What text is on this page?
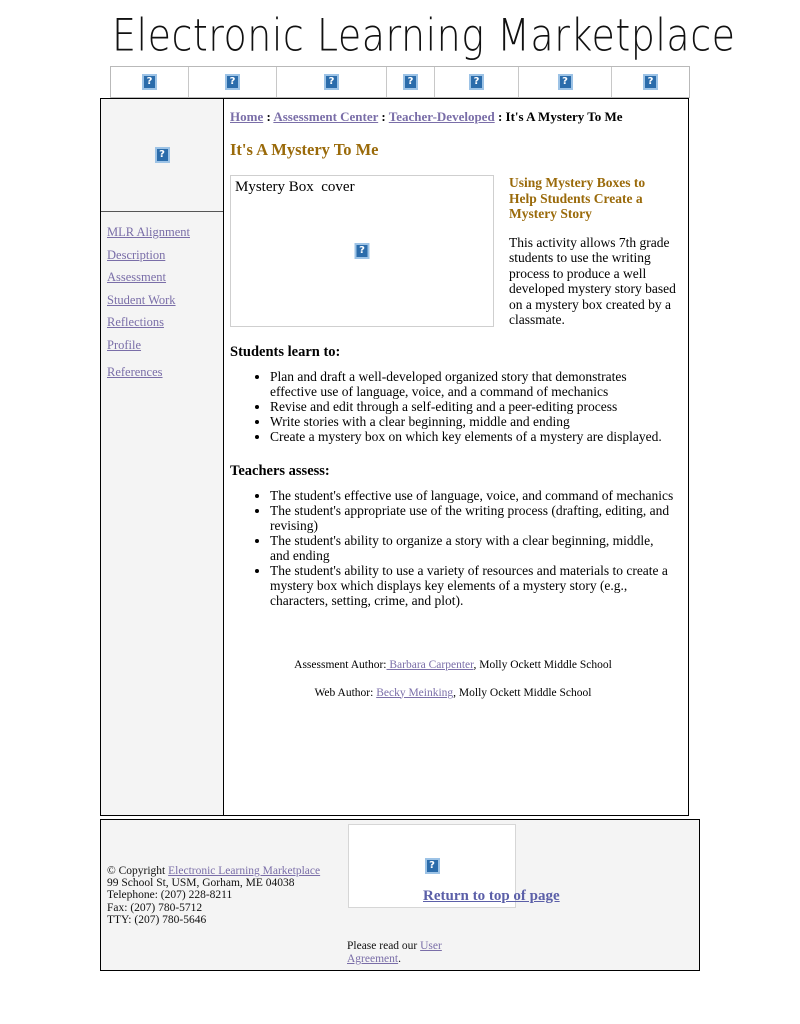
Electronic Learning Marketplace
?	?	?	?	?	?	?
?
MLR Alignment
Description
Assessment
Student Work
Reflections
Profile
References
Home : Assessment Center : Teacher-Developed : It's A Mystery To Me
It's A Mystery To Me
Mystery Box  cover
?
Using Mystery Boxes to Help Students Create a Mystery Story
This activity allows 7th grade students to use the writing process to produce a well developed mystery story based on a mystery box created by a classmate.
Students learn to:
• Plan and draft a well-developed organized story that demonstrates effective use of language, voice, and a command of mechanics
• Revise and edit through a self-editing and a peer-editing process
• Write stories with a clear beginning, middle and ending
• Create a mystery box on which key elements of a mystery are displayed.
Teachers assess:
• The student's effective use of language, voice, and command of mechanics
• The student's appropriate use of the writing process (drafting, editing, and revising)
• The student's ability to organize a story with a clear beginning, middle, and ending
• The student's ability to use a variety of resources and materials to create a mystery box which displays key elements of a mystery story (e.g., characters, setting, crime, and plot).
Assessment Author: Barbara Carpenter, Molly Ockett Middle School
Web Author: Becky Meinking, Molly Ockett Middle School
© Copyright Electronic Learning Marketplace
99 School St, USM, Gorham, ME 04038
Telephone: (207) 228-8211
Fax: (207) 780-5712
TTY: (207) 780-5646
?
Please read our User Agreement.
Return to top of page
